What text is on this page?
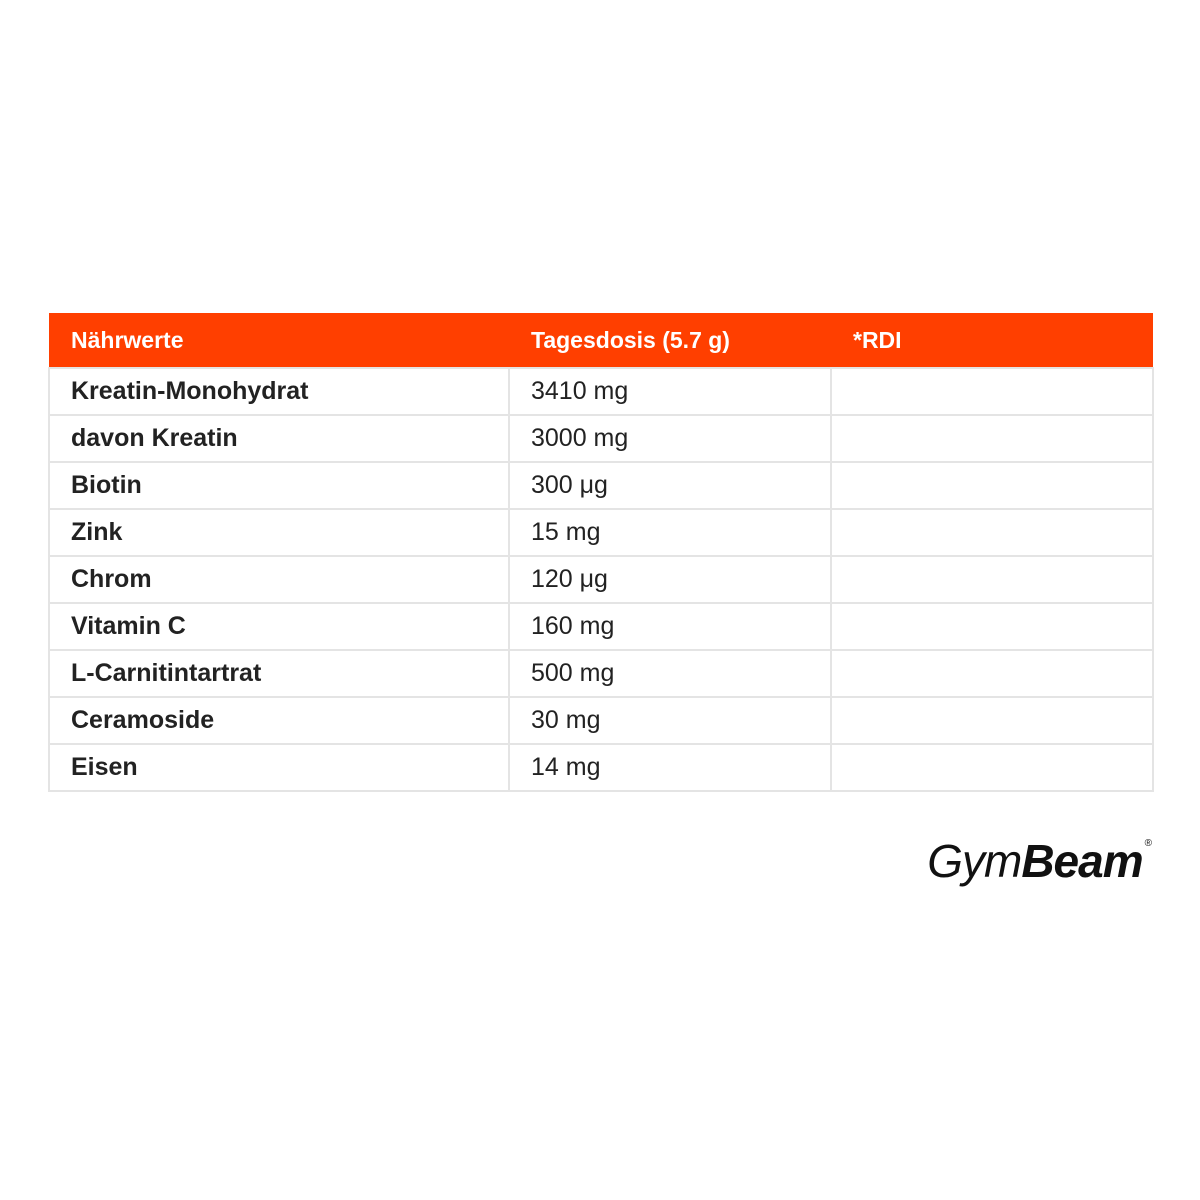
Nährwerte	Tagesdosis (5.7 g)	*RDI
Kreatin-Monohydrat	3410 mg	
davon Kreatin	3000 mg	
Biotin	300 μg	
Zink	15 mg	
Chrom	120 μg	
Vitamin C	160 mg	
L-Carnitintartrat	500 mg	
Ceramoside	30 mg	
Eisen	14 mg	
GymBeam ®
